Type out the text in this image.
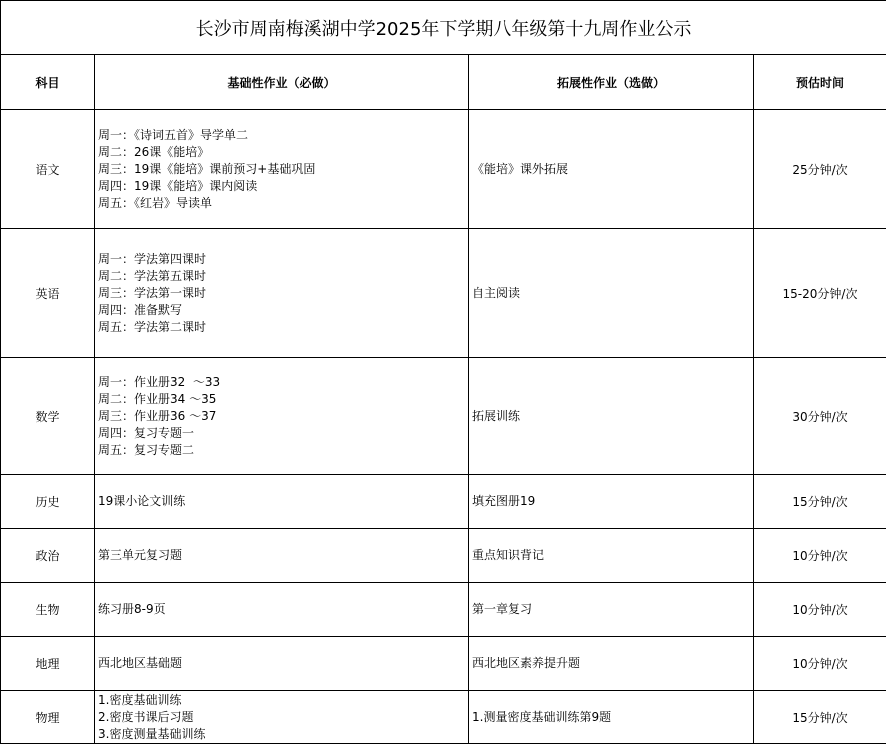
长沙市周南梅溪湖中学2025年下学期八年级第十九周作业公示			
科目	基础性作业（必做）	拓展性作业（选做）	预估时间
语文	周一：《诗词五首》导学单二
周二：26课《能培》
周三：19课《能培》课前预习+基础巩固
周四：19课《能培》课内阅读
周五：《红岩》导读单	《能培》课外拓展	25分钟/次
英语	周一：学法第四课时
周二：学法第五课时
周三：学法第一课时
周四：准备默写
周五：学法第二课时	自主阅读	15-20分钟/次
数学	周一：作业册32  ～33
周二：作业册34 ～35
周三：作业册36 ～37
周四：复习专题一
周五：复习专题二	拓展训练	30分钟/次
历史	19课小论文训练	填充图册19	15分钟/次
政治	第三单元复习题	重点知识背记	10分钟/次
生物	练习册8-9页	第一章复习	10分钟/次
地理	西北地区基础题	西北地区素养提升题	10分钟/次
物理	1.密度基础训练
2.密度书课后习题
3.密度测量基础训练	1.测量密度基础训练第9题	15分钟/次
